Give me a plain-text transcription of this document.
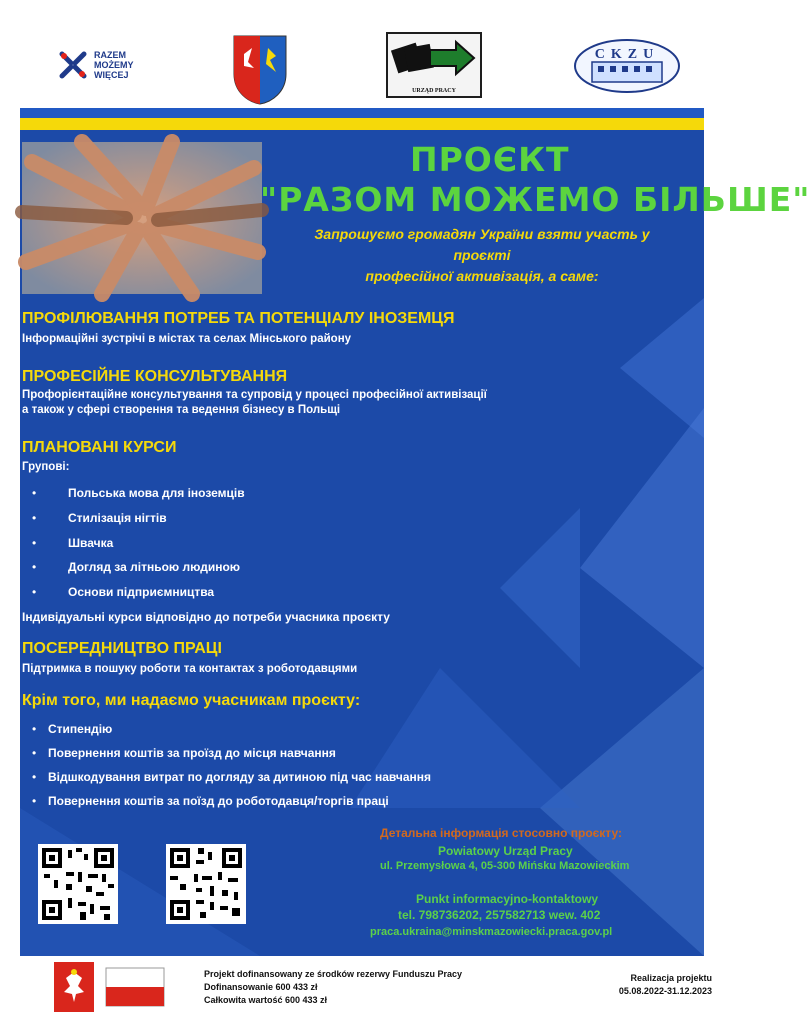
RAZEM
MOŻEMY
WIĘCEJ
URZĄD PRACY
CKZU
ПРОЄКТ
"РАЗОМ МОЖЕМО БІЛЬШЕ"
Запрошуємо громадян України взяти участь у
проєкті
професійної активізація, а саме:
ПРОФІЛЮВАННЯ ПОТРЕБ ТА ПОТЕНЦІАЛУ ІНОЗЕМЦЯ
Інформаційні зустрічі в містах та селах Мінського району
ПРОФЕСІЙНЕ КОНСУЛЬТУВАННЯ
Профорієнтаційне консультування та супровід у процесі професійної активізації
а також у сфері створення та ведення бізнесу в Польщі
ПЛАНОВАНІ КУРСИ
Групові:
•	Польська мова для іноземців
•	Стилізація нігтів
•	Швачка
•	Догляд за літньою людиною
•	Основи підприємництва
Індивідуальні курси відповідно до потреби учасника проєкту
ПОСЕРЕДНИЦТВО ПРАЦІ
Підтримка в пошуку роботи та контактах з роботодавцями
Крім того, ми надаємо учасникам проєкту:
• Стипендію
• Повернення коштів за проїзд до місця навчання
• Відшкодування витрат по догляду за дитиною під час навчання
• Повернення коштів за поїзд до роботодавця/торгів праці
Детальна інформація стосовно проєкту:
Powiatowy Urząd Pracy
ul. Przemysłowa 4, 05-300 Mińsku Mazowieckim
Punkt informacyjno-kontaktowy
tel. 798736202, 257582713 wew. 402
praca.ukraina@minskmazowiecki.praca.gov.pl
Projekt dofinansowany ze środków rezerwy Funduszu Pracy
Dofinansowanie 600 433 zł
Całkowita wartość 600 433 zł
Realizacja projektu
05.08.2022-31.12.2023
